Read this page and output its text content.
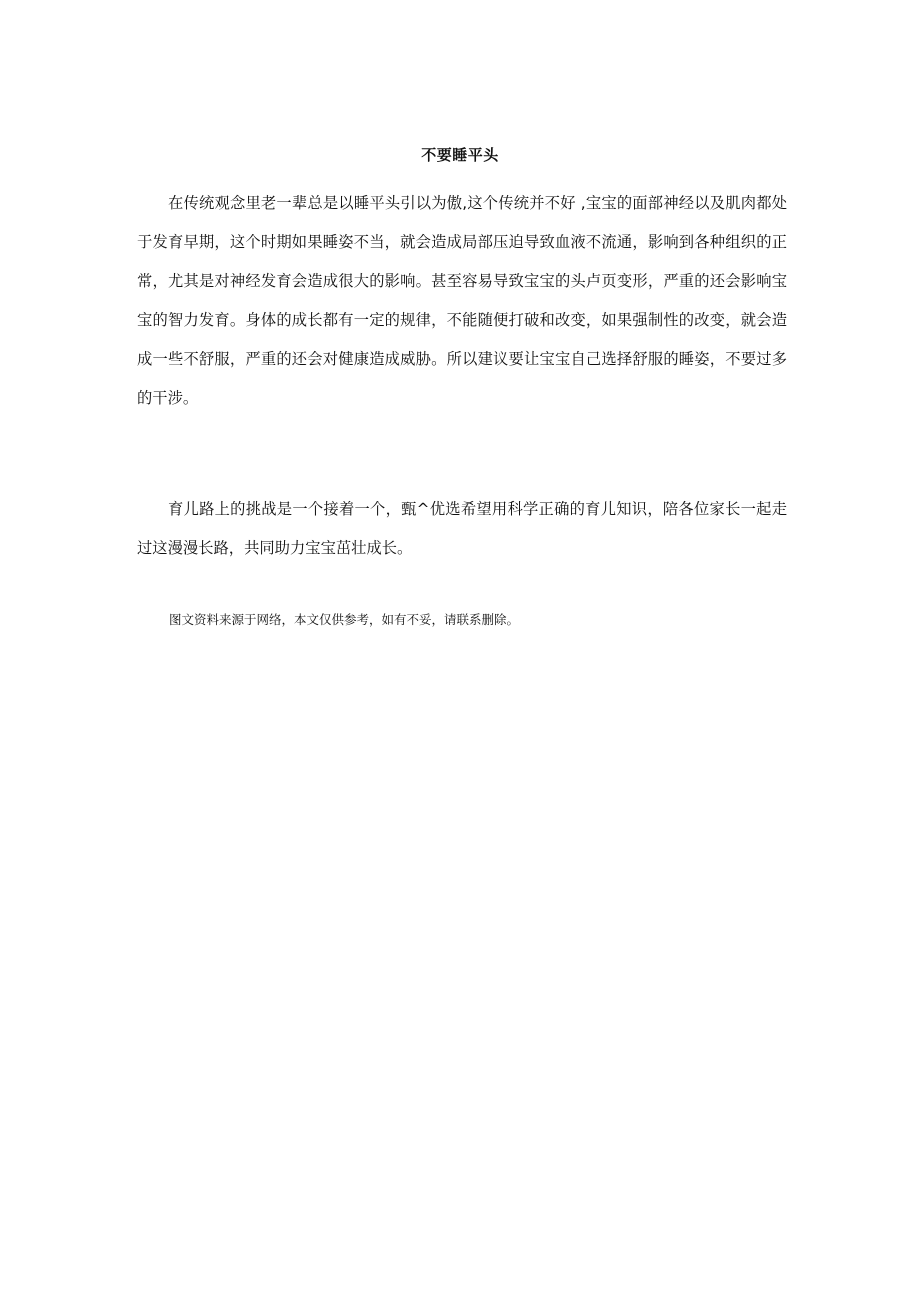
不要睡平头

在传统观念里老一辈总是以睡平头引以为傲,这个传统并不好 ,宝宝的面部神经以及肌肉都处于发育早期，这个时期如果睡姿不当，就会造成局部压迫导致血液不流通，影响到各种组织的正常，尤其是对神经发育会造成很大的影响。甚至容易导致宝宝的头卢页变形，严重的还会影响宝宝的智力发育。身体的成长都有一定的规律，不能随便打破和改变，如果强制性的改变，就会造成一些不舒服，严重的还会对健康造成威胁。所以建议要让宝宝自己选择舒服的睡姿，不要过多的干涉。

育儿路上的挑战是一个接着一个，甄^优选希望用科学正确的育儿知识，陪各位家长一起走过这漫漫长路，共同助力宝宝茁壮成长。

图文资料来源于网络，本文仅供参考，如有不妥，请联系删除。
